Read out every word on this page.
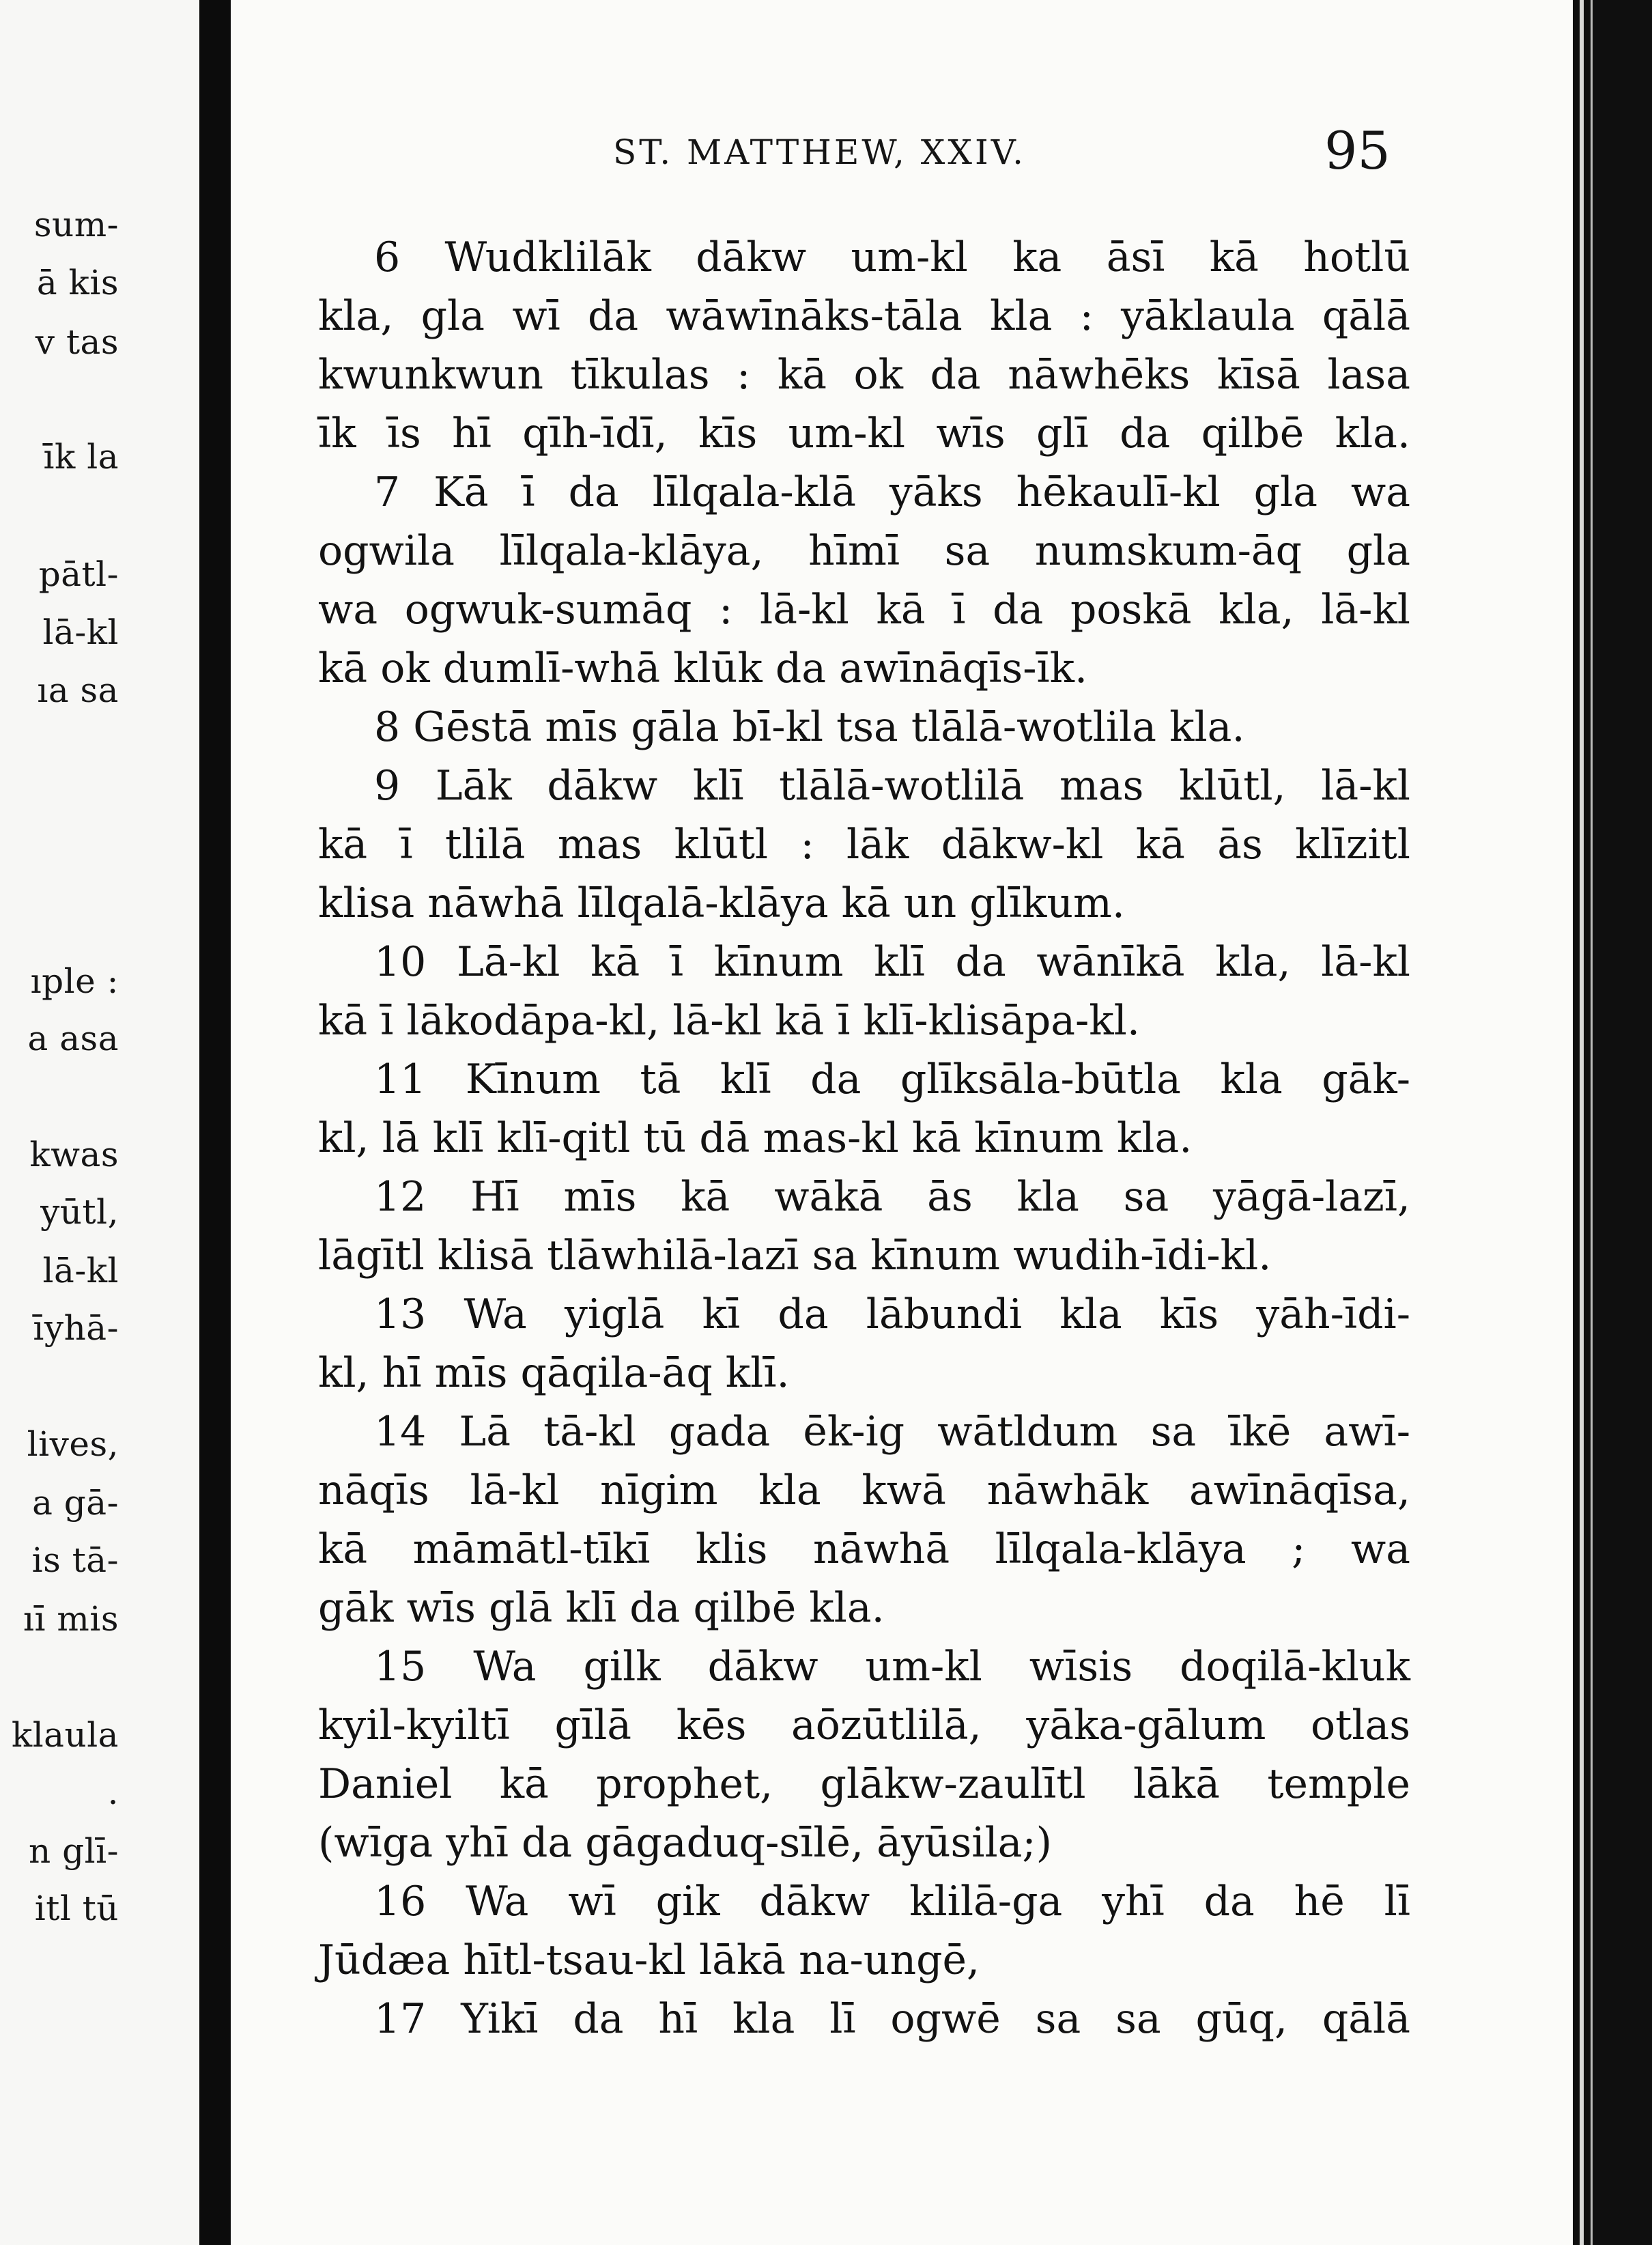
sum-
ā kis
v tas
īk la
pātl-
lā-kl
ıa sa
ıple :
a asa
kwas
yūtl,
lā-kl
īyhā-
lives,
a gā-
is tā-
ıī mis
klaula
.
n glī-
itl tū
ST. MATTHEW, XXIV.	95
6 Wudklilāk dākw um-kl ka āsī kā hotlū
kla, gla wī da wāwīnāks-tāla kla : yāklaula qālā
kwunkwun tīkulas : kā ok da nāwhēks kīsā lasa
īk īs hī qīh-īdī, kīs um-kl wīs glī da qilbē kla.
7 Kā ī da līlqala-klā yāks hēkaulī-kl gla wa
ogwila līlqala-klāya, hīmī sa numskum-āq gla
wa ogwuk-sumāq : lā-kl kā ī da poskā kla, lā-kl
kā ok dumlī-whā klūk da awīnāqīs-īk.
8 Gēstā mīs gāla bī-kl tsa tlālā-wotlila kla.
9 Lāk dākw klī tlālā-wotlilā mas klūtl, lā-kl
kā ī tlilā mas klūtl : lāk dākw-kl kā ās klīzitl
klisa nāwhā līlqalā-klāya kā un glīkum.
10 Lā-kl kā ī kīnum klī da wānīkā kla, lā-kl
kā ī lākodāpa-kl, lā-kl kā ī klī-klisāpa-kl.
11 Kīnum tā klī da glīksāla-būtla kla gāk-
kl, lā klī klī-qitl tū dā mas-kl kā kīnum kla.
12 Hī mīs kā wākā ās kla sa yāgā-lazī,
lāgītl klisā tlāwhilā-lazī sa kīnum wudih-īdi-kl.
13 Wa yiglā kī da lābundi kla kīs yāh-īdi-
kl, hī mīs qāqila-āq klī.
14 Lā tā-kl gada ēk-ig wātldum sa īkē awī-
nāqīs lā-kl nīgim kla kwā nāwhāk awīnāqīsa,
kā māmātl-tīkī klis nāwhā līlqala-klāya ; wa
gāk wīs glā klī da qilbē kla.
15 Wa gilk dākw um-kl wīsis doqilā-kluk
kyil-kyiltī gīlā kēs aōzūtlilā, yāka-gālum otlas
Daniel kā prophet, glākw-zaulītl lākā temple
(wīga yhī da gāgaduq-sīlē, āyūsila;)
16 Wa wī gik dākw klilā-ga yhī da hē lī
Jūdæa hītl-tsau-kl lākā na-ungē,
17 Yikī da hī kla lī ogwē sa sa gūq, qālā
